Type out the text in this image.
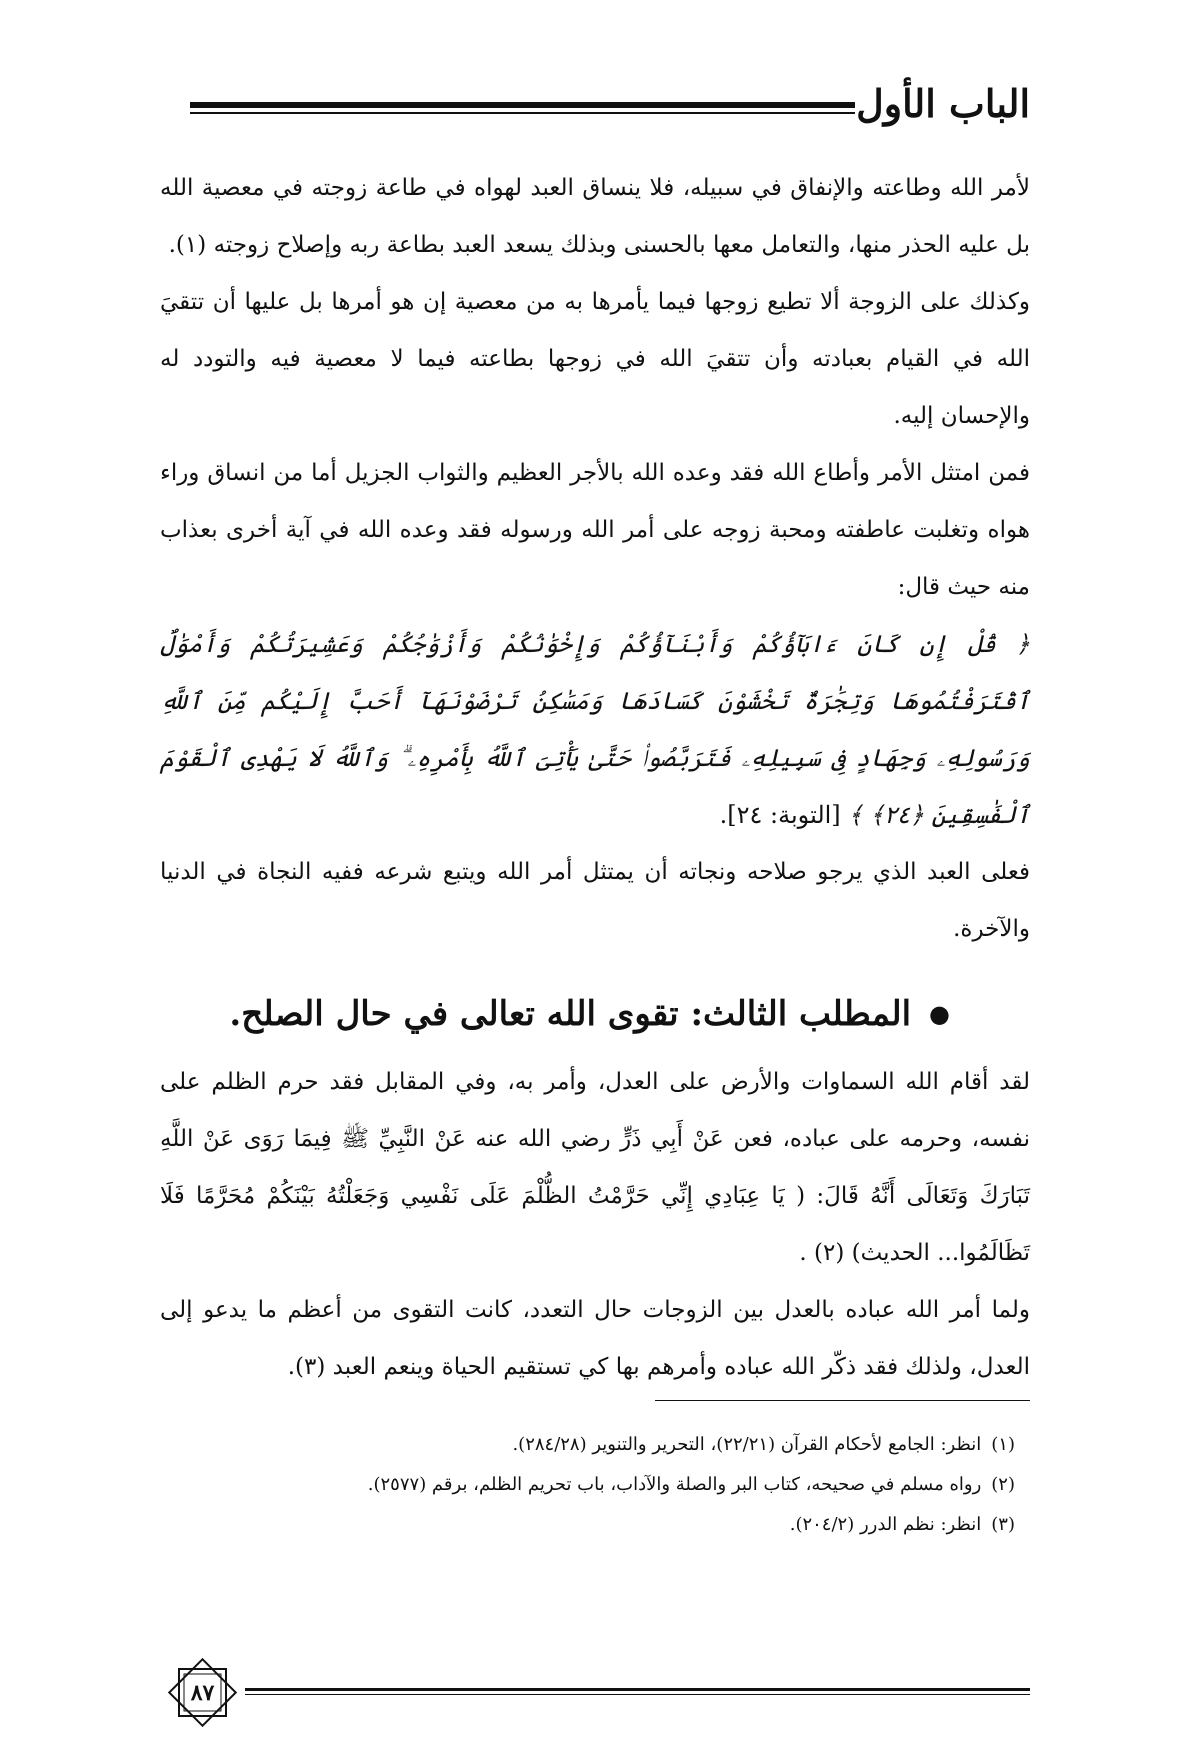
الباب الأول

لأمر الله وطاعته والإنفاق في سبيله، فلا ينساق العبد لهواه في طاعة زوجته في معصية الله بل عليه الحذر منها، والتعامل معها بالحسنى وبذلك يسعد العبد بطاعة ربه وإصلاح زوجته (١).

وكذلك على الزوجة ألا تطيع زوجها فيما يأمرها به من معصية إن هو أمرها بل عليها أن تتقيَ الله في القيام بعبادته وأن تتقيَ الله في زوجها بطاعته فيما لا معصية فيه والتودد له والإحسان إليه.

فمن امتثل الأمر وأطاع الله فقد وعده الله بالأجر العظيم والثواب الجزيل أما من انساق وراء هواه وتغلبت عاطفته ومحبة زوجه على أمر الله ورسوله فقد وعده الله في آية أخرى بعذاب منه حيث قال:

﴿ قُلْ إِن كَانَ ءَابَآؤُكُمْ وَأَبْنَآؤُكُمْ وَإِخْوَٰنُكُمْ وَأَزْوَٰجُكُمْ وَعَشِيرَتُكُمْ وَأَمْوَٰلٌ ٱقْتَرَفْتُمُوهَا وَتِجَٰرَةٌ تَخْشَوْنَ كَسَادَهَا وَمَسَٰكِنُ تَرْضَوْنَهَآ أَحَبَّ إِلَيْكُم مِّنَ ٱللَّهِ وَرَسُولِهِۦ وَجِهَادٍ فِى سَبِيلِهِۦ فَتَرَبَّصُوا۟ حَتَّىٰ يَأْتِىَ ٱللَّهُ بِأَمْرِهِۦ ۗ وَٱللَّهُ لَا يَهْدِى ٱلْقَوْمَ ٱلْفَٰسِقِينَ ﴿٢٤﴾ ﴾ [التوبة: ٢٤].

فعلى العبد الذي يرجو صلاحه ونجاته أن يمتثل أمر الله ويتبع شرعه ففيه النجاة في الدنيا والآخرة.

●
المطلب الثالث: تقوى الله تعالى في حال الصلح.

لقد أقام الله السماوات والأرض على العدل، وأمر به، وفي المقابل فقد حرم الظلم على نفسه، وحرمه على عباده، فعن عَنْ أَبِي ذَرٍّ رضي الله عنه عَنْ النَّبِيِّ ﷺ فِيمَا رَوَى عَنْ اللَّهِ تَبَارَكَ وَتَعَالَى أَنَّهُ قَالَ: ( يَا عِبَادِي إِنِّي حَرَّمْتُ الظُّلْمَ عَلَى نَفْسِي وَجَعَلْتُهُ بَيْنَكُمْ مُحَرَّمًا فَلَا تَظَالَمُوا... الحديث) (٢) .

ولما أمر الله عباده بالعدل بين الزوجات حال التعدد، كانت التقوى من أعظم ما يدعو إلى العدل، ولذلك فقد ذكّر الله عباده وأمرهم بها كي تستقيم الحياة وينعم العبد (٣).

(١)
انظر: الجامع لأحكام القرآن (٢٢/٢١)، التحرير والتنوير (٢٨٤/٢٨).

(٢)
رواه مسلم في صحيحه، كتاب البر والصلة والآداب، باب تحريم الظلم، برقم (٢٥٧٧).

(٣)
انظر: نظم الدرر (٢٠٤/٢).

٨٧
